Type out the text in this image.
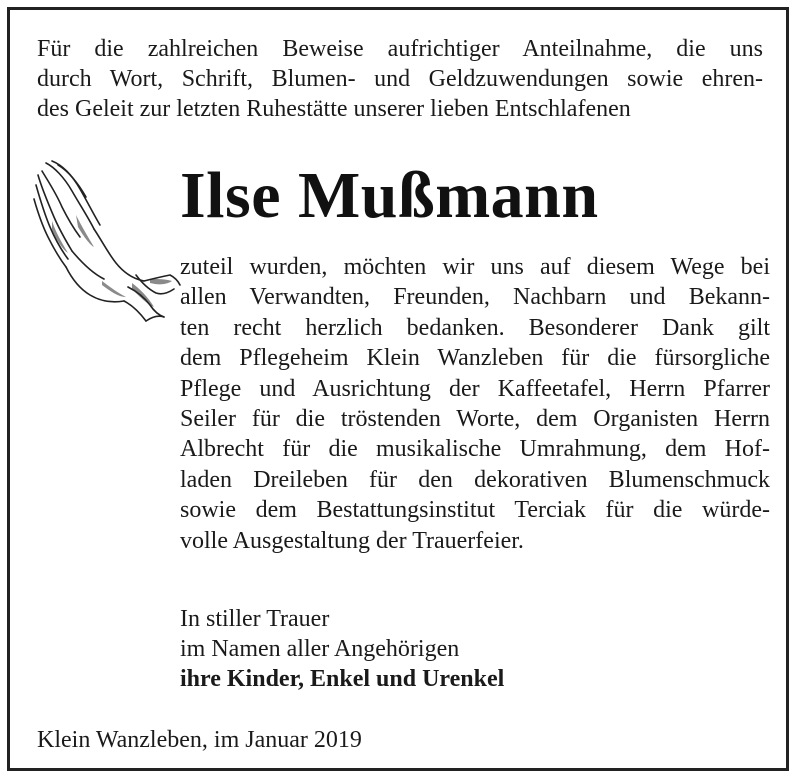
Für die zahlreichen Beweise aufrichtiger Anteilnahme, die uns
durch Wort, Schrift, Blumen- und Geldzuwendungen sowie ehren-
des Geleit zur letzten Ruhestätte unserer lieben Entschlafenen
Ilse Mußmann
zuteil wurden, möchten wir uns auf diesem Wege bei
allen Verwandten, Freunden, Nachbarn und Bekann-
ten recht herzlich bedanken. Besonderer Dank gilt
dem Pflegeheim Klein Wanzleben für die fürsorgliche
Pflege und Ausrichtung der Kaffeetafel, Herrn Pfarrer
Seiler für die tröstenden Worte, dem Organisten Herrn
Albrecht für die musikalische Umrahmung, dem Hof-
laden Dreileben für den dekorativen Blumenschmuck
sowie dem Bestattungsinstitut Terciak für die würde-
volle Ausgestaltung der Trauerfeier.
In stiller Trauer
im Namen aller Angehörigen
ihre Kinder, Enkel und Urenkel
Klein Wanzleben, im Januar 2019
